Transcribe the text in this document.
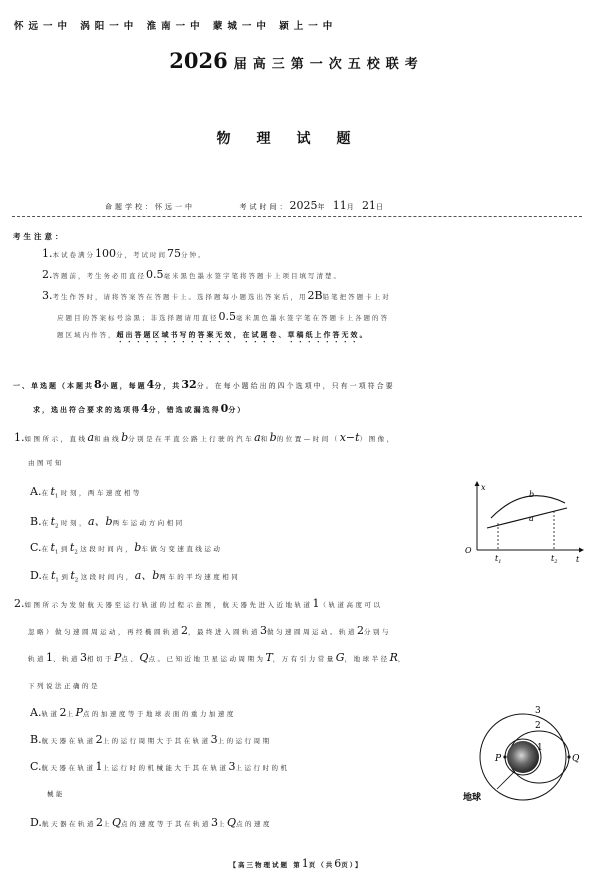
怀远一中 涡阳一中 淮南一中 蒙城一中 颍上一中
2026 届高三第一次五校联考
物理试题
命题学校：怀远一中	考试时间：2025年 11月 21日
考生注意：
1.本试卷满分100分，考试时间75分钟。
2.答题前，考生务必用直径0.5毫米黑色墨水签字笔将答题卡上项目填写清楚。
3.考生作答时，请将答案答在答题卡上。选择题每小题选出答案后，用2B铅笔把答题卡上对
应题目的答案标号涂黑；非选择题请用直径0.5毫米黑色墨水签字笔在答题卡上各题的答
题区域内作答，超出答题区域书写的答案无效，在试题卷、草稿纸上作答无效。
一、单选题（本题共8小题，每题4分，共32分。在每小题给出的四个选项中，只有一项符合要
求，选出符合要求的选项得4分，错选或漏选得0分）
1.如图所示，直线a和曲线b分别是在平直公路上行驶的汽车a和b的位置—时间（x−t）图像，
由图可知
A.在$t_1$时刻，两车速度相等
B.在$t_2$时刻，a、b两车运动方向相同
C.在$t_1$到$t_2$这段时间内，b车做匀变速直线运动
D.在$t_1$到$t_2$这段时间内，a、b两车的平均速度相同
x
t
O
a
b
$t_1$	$t_2$
2.如图所示为发射航天器至运行轨道的过程示意图，航天器先进入近地轨道1（轨道高度可以
忽略）做匀速圆周运动，再经椭圆轨道2，最终进入圆轨道3做匀速圆周运动。轨道2分别与
轨道1、轨道3相切于P点、Q点。已知近地卫星运动周期为T，万有引力常量G，地球半径R，
下列说法正确的是
A.轨道2上P点的加速度等于地球表面的重力加速度
B.航天器在轨道2上的运行周期大于其在轨道3上的运行周期
C.航天器在轨道1上运行时的机械能大于其在轨道3上运行时的机
械能
D.航天器在轨道2上Q点的速度等于其在轨道3上Q点的速度
3
2
1
P	Q
地球
【高三物理试题 第1页（共6页）】
